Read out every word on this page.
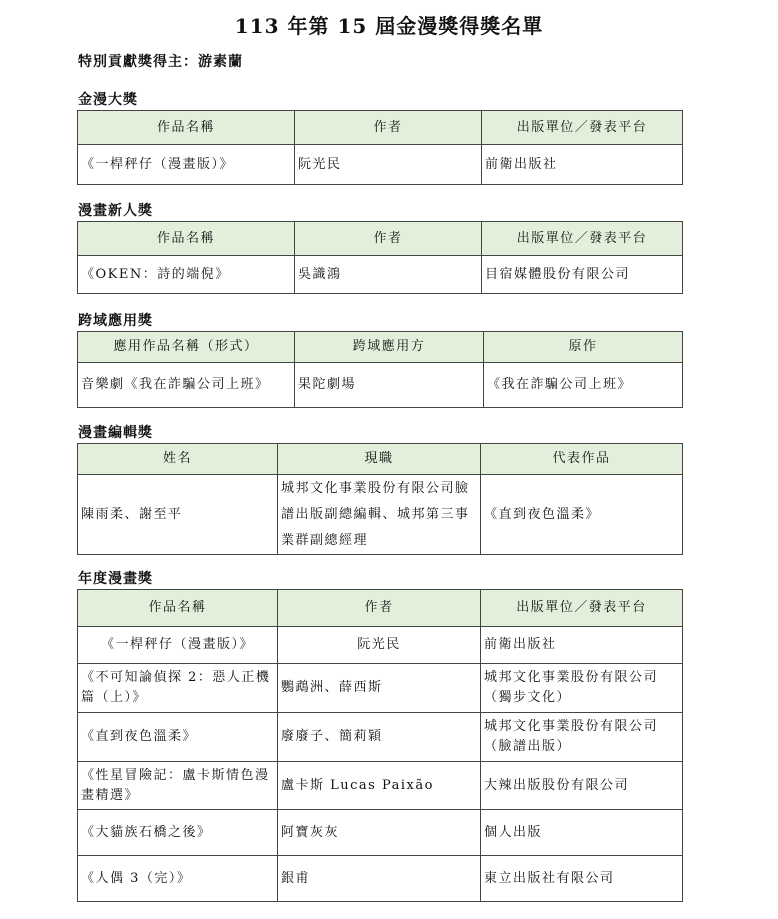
113 年第 15 屆金漫獎得獎名單
特別貢獻獎得主：游素蘭
金漫大獎
作品名稱	作者	出版單位／發表平台
《一桿秤仔（漫畫版）》	阮光民	前衛出版社
漫畫新人獎
作品名稱	作者	出版單位／發表平台
《OKEN：詩的端倪》	吳識鴻	目宿媒體股份有限公司
跨域應用獎
應用作品名稱（形式）	跨域應用方	原作
音樂劇《我在詐騙公司上班》	果陀劇場	《我在詐騙公司上班》
漫畫編輯獎
姓名	現職	代表作品
陳雨柔、謝至平	城邦文化事業股份有限公司臉譜出版副總編輯、城邦第三事業群副總經理	《直到夜色溫柔》
年度漫畫獎
作品名稱	作者	出版單位／發表平台
《一桿秤仔（漫畫版）》	阮光民	前衛出版社
《不可知論偵探 2：惡人正機篇（上）》	鸚鵡洲、薛西斯	城邦文化事業股份有限公司（獨步文化）
《直到夜色溫柔》	廢廢子、簡莉穎	城邦文化事業股份有限公司（臉譜出版）
《性星冒險記：盧卡斯情色漫畫精選》	盧卡斯 Lucas Paixão	大辣出版股份有限公司
《大貓族石橋之後》	阿寶灰灰	個人出版
《人偶 3（完）》	銀甫	東立出版社有限公司
